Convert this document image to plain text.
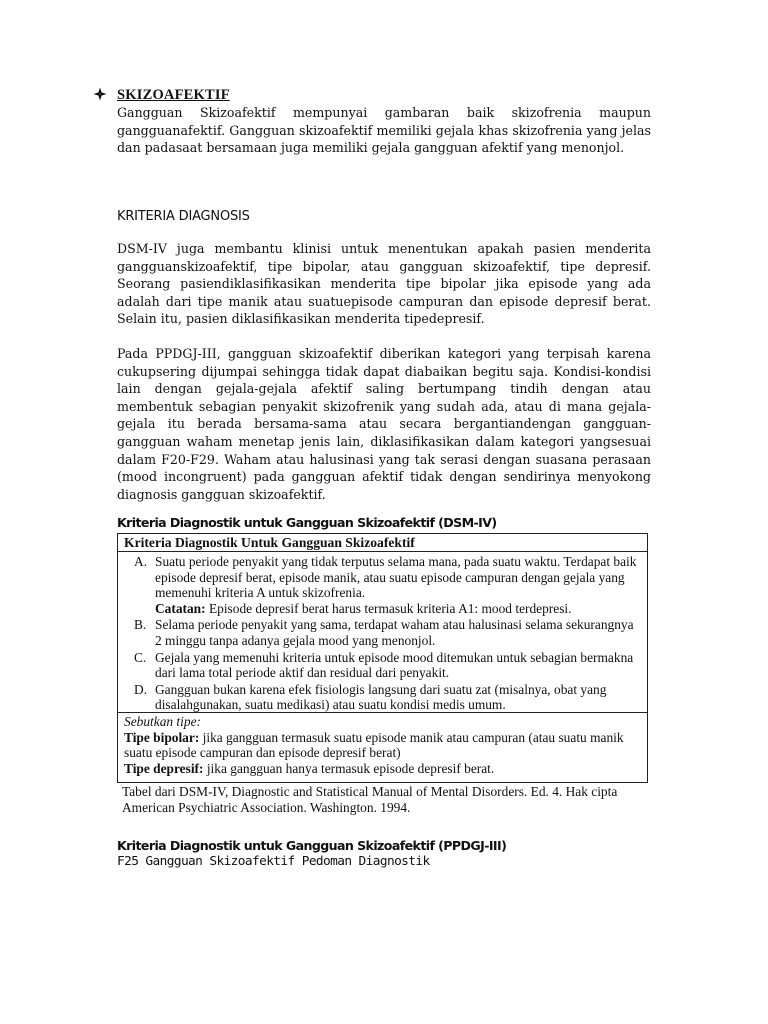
SKIZOAFEKTIF

Gangguan Skizoafektif mempunyai gambaran baik skizofrenia maupun gangguanafektif. Gangguan skizoafektif memiliki gejala khas skizofrenia yang jelas dan padasaat bersamaan juga memiliki gejala gangguan afektif yang menonjol.

KRITERIA DIAGNOSIS

DSM-IV juga membantu klinisi untuk menentukan apakah pasien menderita gangguanskizoafektif, tipe bipolar, atau gangguan skizoafektif, tipe depresif. Seorang pasiendiklasifikasikan menderita tipe bipolar jika episode yang ada adalah dari tipe manik atau suatuepisode campuran dan episode depresif berat. Selain itu, pasien diklasifikasikan menderita tipedepresif.

Pada PPDGJ-III, gangguan skizoafektif diberikan kategori yang terpisah karena cukupsering dijumpai sehingga tidak dapat diabaikan begitu saja. Kondisi-kondisi lain dengan gejala-gejala afektif saling bertumpang tindih dengan atau membentuk sebagian penyakit skizofrenik yang sudah ada, atau di mana gejala-gejala itu berada bersama-sama atau secara bergantiandengan gangguan-gangguan waham menetap jenis lain, diklasifikasikan dalam kategori yangsesuai dalam F20-F29. Waham atau halusinasi yang tak serasi dengan suasana perasaan (mood incongruent) pada gangguan afektif tidak dengan sendirinya menyokong diagnosis gangguan skizoafektif.

Kriteria Diagnostik untuk Gangguan Skizoafektif (DSM-IV)
Kriteria Diagnostik Untuk Gangguan Skizoafektif
A. Suatu periode penyakit yang tidak terputus selama mana, pada suatu waktu. Terdapat baik episode depresif berat, episode manik, atau suatu episode campuran dengan gejala yang memenuhi kriteria A untuk skizofrenia.
Catatan: Episode depresif berat harus termasuk kriteria A1: mood terdepresi.
B. Selama periode penyakit yang sama, terdapat waham atau halusinasi selama sekurangnya 2 minggu tanpa adanya gejala mood yang menonjol.
C. Gejala yang memenuhi kriteria untuk episode mood ditemukan untuk sebagian bermakna dari lama total periode aktif dan residual dari penyakit.
D. Gangguan bukan karena efek fisiologis langsung dari suatu zat (misalnya, obat yang disalahgunakan, suatu medikasi) atau suatu kondisi medis umum.
Sebutkan tipe:
Tipe bipolar: jika gangguan termasuk suatu episode manik atau campuran (atau suatu manik suatu episode campuran dan episode depresif berat)
Tipe depresif: jika gangguan hanya termasuk episode depresif berat.

Tabel dari DSM-IV, Diagnostic and Statistical Manual of Mental Disorders. Ed. 4. Hak cipta American Psychiatric Association. Washington. 1994.

Kriteria Diagnostik untuk Gangguan Skizoafektif (PPDGJ-III)

F25 Gangguan Skizoafektif Pedoman Diagnostik
